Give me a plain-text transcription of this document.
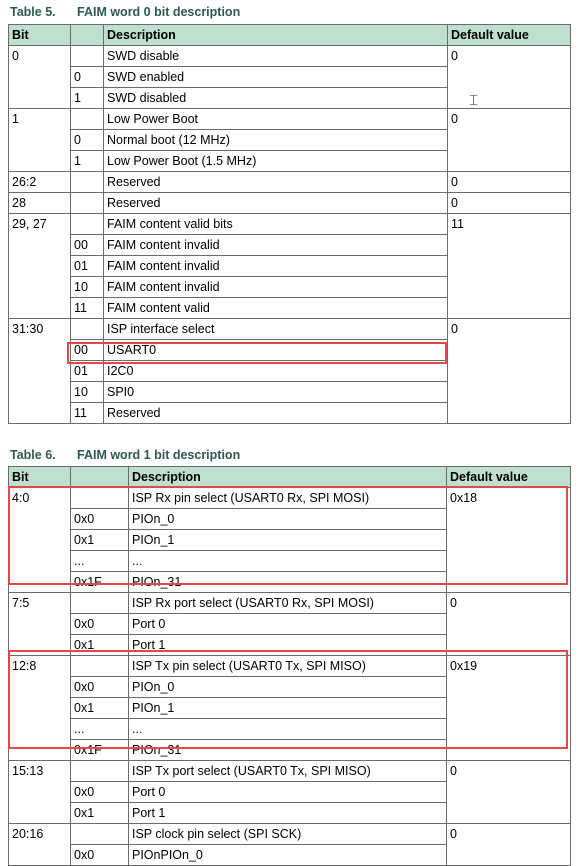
Table 5. FAIM word 0 bit description
Bit		Description	Default value
0		SWD disable	0
	0	SWD enabled	
	1	SWD disabled	
1		Low Power Boot	0
	0	Normal boot (12 MHz)	
	1	Low Power Boot (1.5 MHz)	
26:2		Reserved	0
28		Reserved	0
29, 27		FAIM content valid bits	11
	00	FAIM content invalid	
	01	FAIM content invalid	
	10	FAIM content invalid	
	11	FAIM content valid	
31:30		ISP interface select	0
	00	USART0	
	01	I2C0	
	10	SPI0	
	11	Reserved	
Table 6. FAIM word 1 bit description
Bit		Description	Default value
4:0		ISP Rx pin select (USART0 Rx, SPI MOSI)	0x18
	0x0	PIOn_0	
	0x1	PIOn_1	
	...	...	
	0x1F	PIOn_31	
7:5		ISP Rx port select (USART0 Rx, SPI MOSI)	0
	0x0	Port 0	
	0x1	Port 1	
12:8		ISP Tx pin select (USART0 Tx, SPI MISO)	0x19
	0x0	PIOn_0	
	0x1	PIOn_1	
	...	...	
	0x1F	PIOn_31	
15:13		ISP Tx port select (USART0 Tx, SPI MISO)	0
	0x0	Port 0	
	0x1	Port 1	
20:16		ISP clock pin select (SPI SCK)	0
	0x0	PIOnPIOn_0	
⌶
